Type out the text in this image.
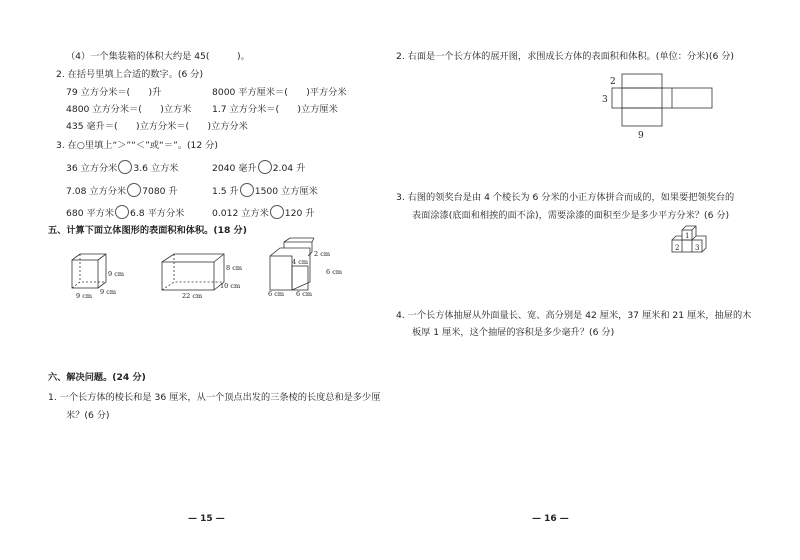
（4）一个集装箱的体积大约是 45(　　　)。
2. 在括号里填上合适的数字。(6 分)
79 立方分米＝(　　)升	8000 平方厘米＝(　　)平方分米
4800 立方分米＝(　　)立方米 1.7 立方分米＝(　　)立方厘米
435 毫升＝(　　)立方分米＝(　　)立方分米
3. 在○里填上“＞”“＜”或“＝”。(12 分)
36 立方分米 3.6 立方米	2040 毫升 2.04 升
7.08 立方分米 7080 升	1.5 升 1500 立方厘米
680 平方米 6.8 平方分米	0.012 立方米 120 升
五、计算下面立体图形的表面积和体积。(18 分)
9 cm
9 cm 9 cm
8 cm
10 cm
22 cm
2 cm
4 cm
6 cm
6 cm 6 cm
六、解决问题。(24 分)
1. 一个长方体的棱长和是 36 厘米，从一个顶点出发的三条棱的长度总和是多少厘
米？(6 分)
— 15 —
2. 右面是一个长方体的展开图，求围成长方体的表面积和体积。(单位：分米)(6 分)
2
3
9
3. 右图的领奖台是由 4 个棱长为 6 分米的小正方体拼合而成的，如果要把领奖台的
表面涂漆(底面和相挨的面不涂)，需要涂漆的面积至少是多少平方分米？(6 分)
1
2 3
4. 一个长方体抽屉从外面量长、宽、高分别是 42 厘米，37 厘米和 21 厘米，抽屉的木
板厚 1 厘米，这个抽屉的容积是多少毫升？(6 分)
— 16 —
